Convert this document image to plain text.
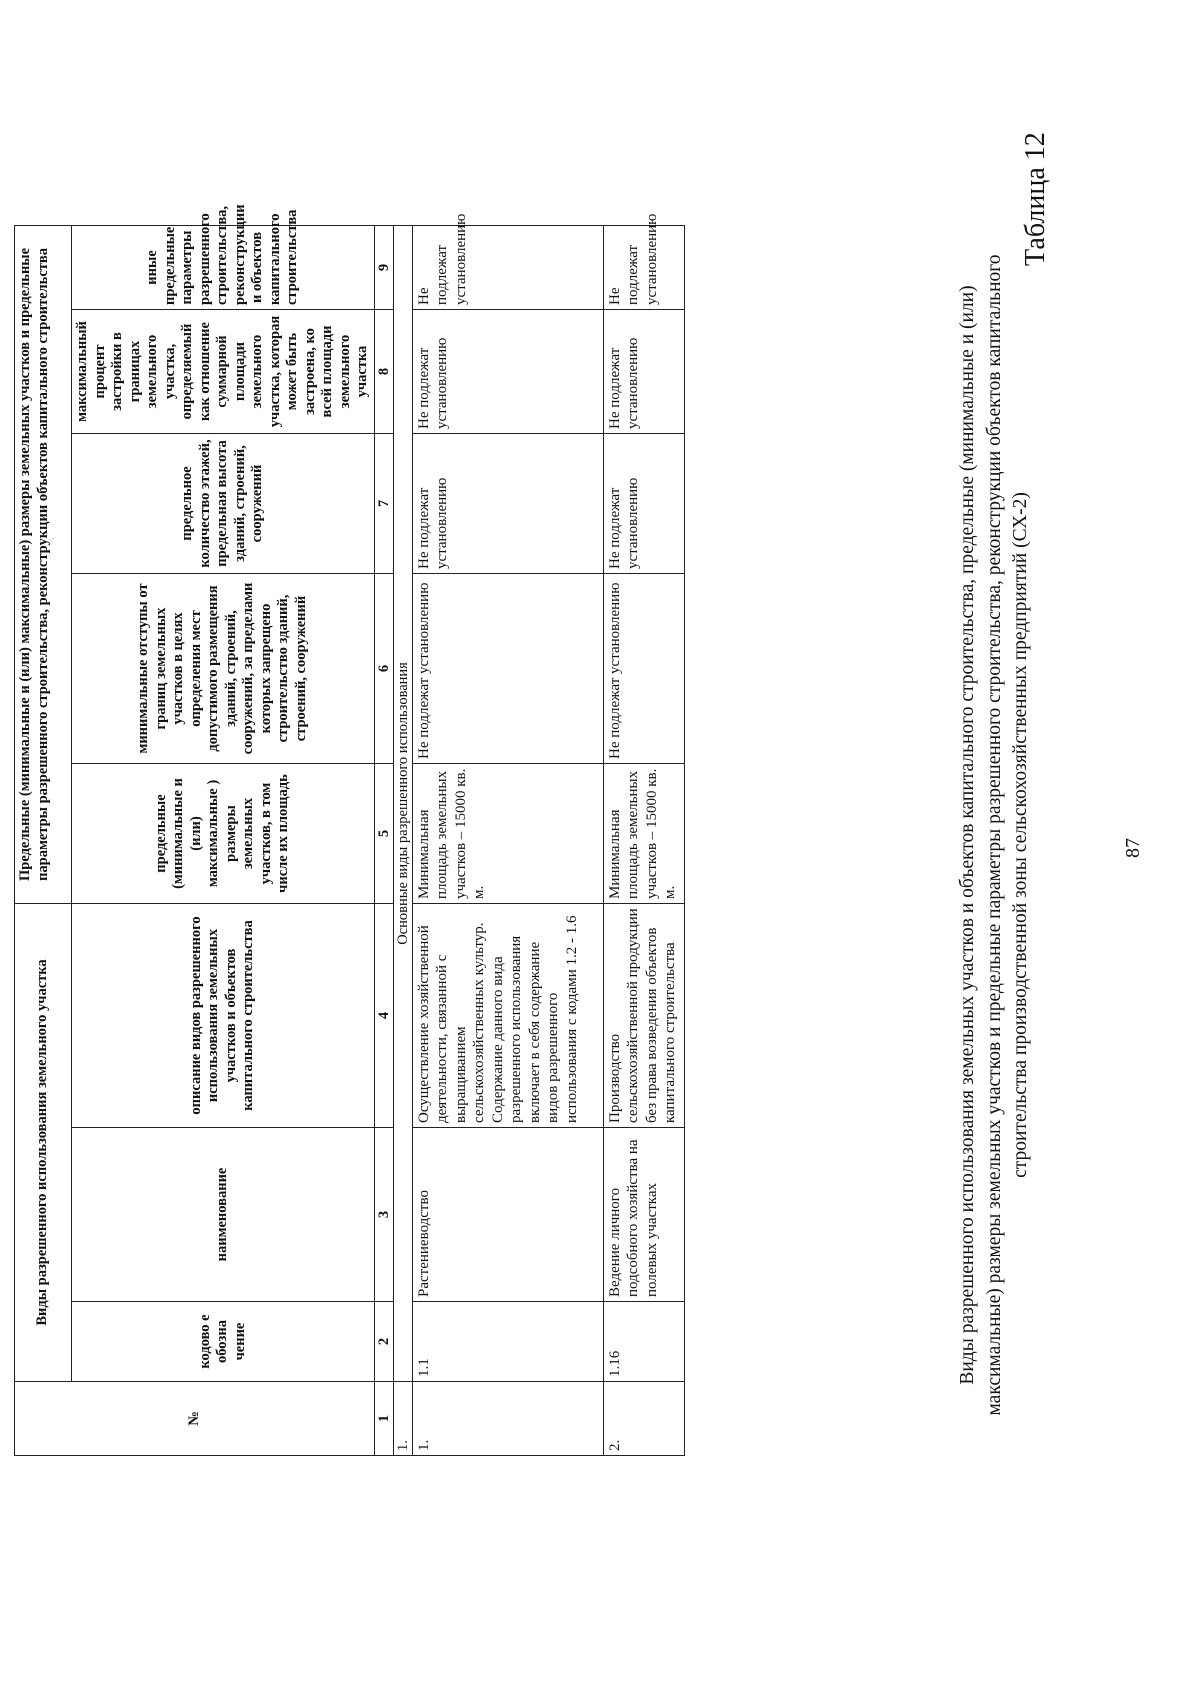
87
Таблица 12
Виды разрешенного использования земельных участков и объектов капитального строительства, предельные (минимальные и (или) максимальные) размеры земельных участков и предельные параметры разрешенного строительства, реконструкции объектов капитального строительства производственной зоны сельскохозяйственных предприятий (СХ-2)
№	Виды разрешенного использования земельного участка			Предельные (минимальные и (или) максимальные) размеры земельных участков и предельные параметры разрешенного строительства, реконструкции объектов капитального строительства				
	кодово е обозна чение	наименование	описание видов разрешенного использования земельных участков и объектов капитального строительства	предельные (минимальные и (или) максимальные ) размеры земельных участков, в том числе их площадь	минимальные отступы от границ земельных участков в целях определения мест допустимого размещения зданий, строений, сооружений, за пределами которых запрещено строительство зданий, строений, сооружений	предельное количество этажей, предельная высота зданий, строений, сооружений	максимальный процент застройки в границах земельного участка, определяемый как отношение суммарной площади земельного участка, которая может быть застроена, ко всей площади земельного участка	иные предельные параметры разрешенного строительства, реконструкции и объектов капитального строительства
1	2	3	4	5	6	7	8	9
1.	Основные виды разрешенного использования							
1.	1.1	Растениеводство	Осуществление хозяйственной деятельности, связанной с выращиванием сельскохозяйственных культур. Содержание данного вида разрешенного использования включает в себя содержание видов разрешенного использования с кодами 1.2 - 1.6	Минимальная площадь земельных участков – 15000 кв. м.	Не подлежат установлению	Не подлежат установлению	Не подлежат установлению	Не подлежат установлению
2.	1.16	Ведение личного подсобного хозяйства на полевых участках	Производство сельскохозяйственной продукции без права возведения объектов капитального строительства	Минимальная площадь земельных участков – 15000 кв. м.	Не подлежат установлению	Не подлежат установлению	Не подлежат установлению	Не подлежат установлению
